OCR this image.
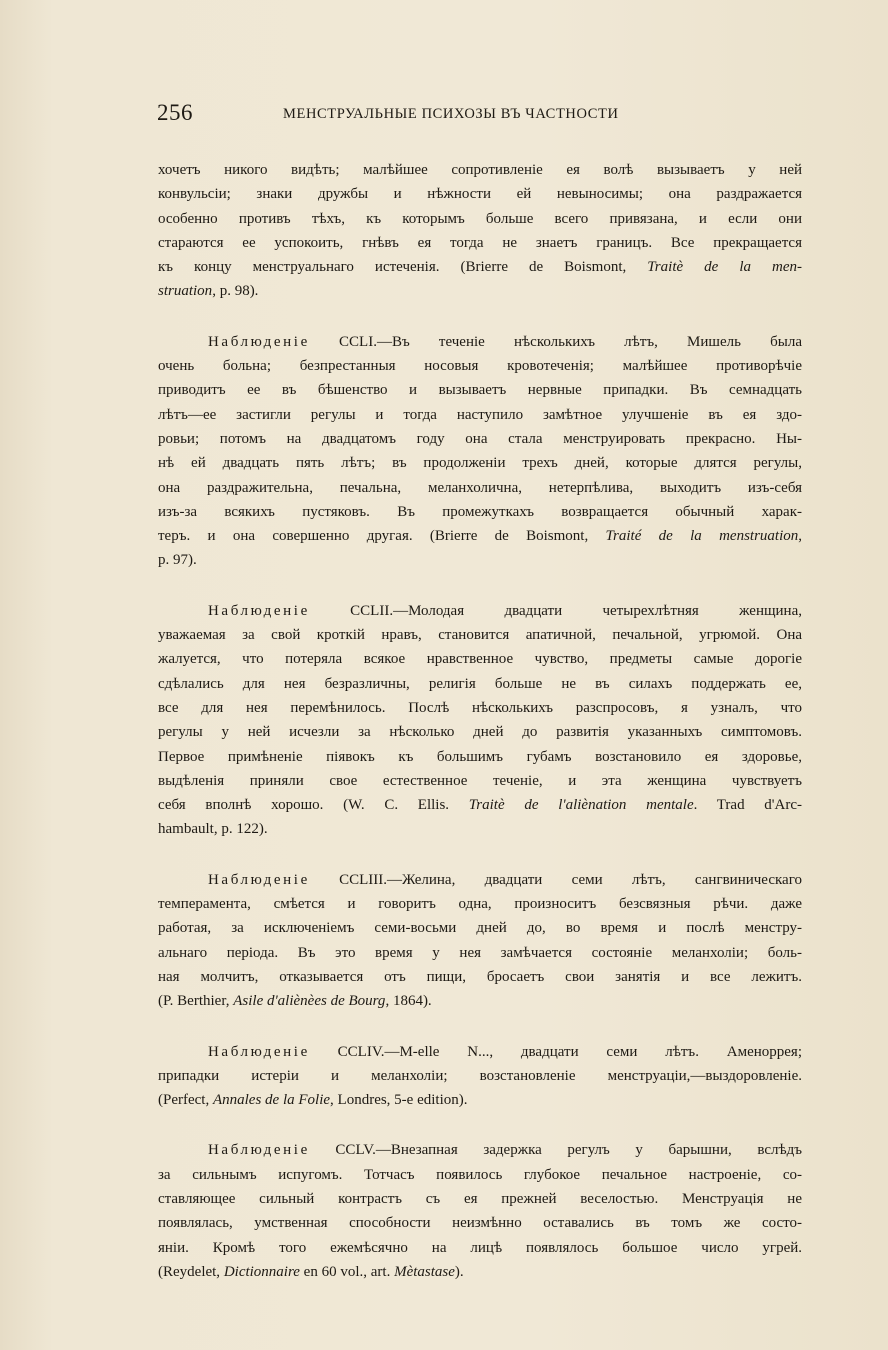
256	МЕНСТРУАЛЬНЫЕ ПСИХОЗЫ ВЪ ЧАСТНОСТИ
хочетъ никого видѣть; малѣйшее сопротивленіе ея волѣ вызываетъ у ней
конвульсіи; знаки дружбы и нѣжности ей невыносимы; она раздражается
особенно противъ тѣхъ, къ которымъ больше всего привязана, и если они
стараются ее успокоить, гнѣвъ ея тогда не знаетъ границъ. Все прекращается
къ концу менструальнаго истеченія. (Brierre de Boismont, Traitè de la men-
struation, p. 98).
Наблюденіе CCLI.—Въ теченіе нѣсколькихъ лѣтъ, Мишель была
очень больна; безпрестанныя носовыя кровотеченія; малѣйшее противорѣчіе
приводитъ ее въ бѣшенство и вызываетъ нервные припадки. Въ семнадцать
лѣтъ—ее застигли регулы и тогда наступило замѣтное улучшеніе въ ея здо-
ровьи; потомъ на двадцатомъ году она стала менструировать прекрасно. Ны-
нѣ ей двадцать пять лѣтъ; въ продолженіи трехъ дней, которые длятся регулы,
она раздражительна, печальна, меланхолична, нетерпѣлива, выходитъ изъ-себя
изъ-за всякихъ пустяковъ. Въ промежуткахъ возвращается обычный харак-
теръ. и она совершенно другая. (Brierre de Boismont, Traité de la menstruation,
p. 97).
Наблюденіе CCLII.—Молодая двадцати четырехлѣтняя женщина,
уважаемая за свой кроткій нравъ, становится апатичной, печальной, угрюмой. Она
жалуется, что потеряла всякое нравственное чувство, предметы самые дорогіе
сдѣлались для нея безразличны, религія больше не въ силахъ поддержать ее,
все для нея перемѣнилось. Послѣ нѣсколькихъ разспросовъ, я узналъ, что
регулы у ней исчезли за нѣсколько дней до развитія указанныхъ симптомовъ.
Первое примѣненіе піявокъ къ большимъ губамъ возстановило ея здоровье,
выдѣленія приняли свое естественное теченіе, и эта женщина чувствуетъ
себя вполнѣ хорошо. (W. C. Ellis. Traitè de l'aliènation mentale. Trad d'Arc-
hambault, p. 122).
Наблюденіе CCLIII.—Желина, двадцати семи лѣтъ, сангвиническаго
темперамента, смѣется и говоритъ одна, произноситъ безсвязныя рѣчи. даже
работая, за исключеніемъ семи-восьми дней до, во время и послѣ менстру-
альнаго періода. Въ это время у нея замѣчается состояніе меланхоліи; боль-
ная молчитъ, отказывается отъ пищи, бросаетъ свои занятія и все лежитъ.
(P. Berthier, Asile d'aliènèes de Bourg, 1864).
Наблюденіе CCLIV.—M-elle N..., двадцати семи лѣтъ. Аменоррея;
припадки истеріи и меланхоліи; возстановленіе менструаціи,—выздоровленіе.
(Perfect, Annales de la Folie, Londres, 5-e edition).
Наблюденіе CCLV.—Внезапная задержка регулъ у барышни, вслѣдъ
за сильнымъ испугомъ. Тотчасъ появилось глубокое печальное настроеніе, со-
ставляющее сильный контрастъ съ ея прежней веселостью. Менструація не
появлялась, умственная способности неизмѣнно оставались въ томъ же состо-
яніи. Кромѣ того ежемѣсячно на лицѣ появлялось большое число угрей.
(Reydelet, Dictionnaire en 60 vol., art. Mètastase).
